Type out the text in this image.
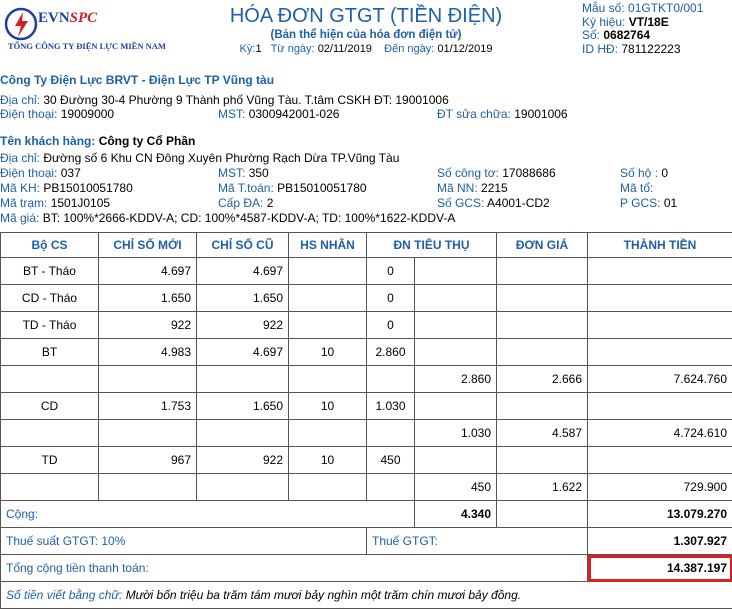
EVNSPC
TỔNG CÔNG TY ĐIỆN LỰC MIỀN NAM
HÓA ĐƠN GTGT (TIỀN ĐIỆN)
(Bản thể hiện của hóa đơn điện tử)
Kỳ:1 Từ ngày: 02/11/2019 Đến ngày: 01/12/2019
Mẫu số: 01GTKT0/001
Ký hiệu: VT/18E
Số: 0682764
ID HĐ: 781122223
Công Ty Điện Lực BRVT - Điện Lực TP Vũng tàu
Địa chỉ: 30 Đường 30-4 Phường 9 Thành phố Vũng Tàu. T.tâm CSKH ĐT: 19001006
Điện thoại: 19009000	MST: 0300942001-026	ĐT sửa chữa: 19001006
Tên khách hàng: Công ty Cổ Phần
Địa chỉ: Đường số 6 Khu CN Đông Xuyên Phường Rạch Dừa TP.Vũng Tàu
Điện thoại: 037	MST: 350	Số công tơ: 17088686	Số hộ : 0
Mã KH: PB15010051780	Mã T.toán: PB15010051780	Mã NN: 2215	Mã tổ:
Mã trạm: 1501J0105	Cấp ĐA: 2	Số GCS: A4001-CD2	P GCS: 01
Mã giá: BT: 100%*2666-KDDV-A; CD: 100%*4587-KDDV-A; TD: 100%*1622-KDDV-A
Bộ CS	CHỈ SỐ MỚI	CHỈ SỐ CŨ	HS NHÂN	ĐN TIÊU THỤ		ĐƠN GIÁ	THÀNH TIỀN
BT - Tháo	4.697	4.697		0			
CD - Tháo	1.650	1.650		0			
TD - Tháo	922	922		0			
BT	4.983	4.697	10	2.860			
					2.860	2.666	7.624.760
CD	1.753	1.650	10	1.030			
					1.030	4.587	4.724.610
TD	967	922	10	450			
					450	1.622	729.900
Cộng:					4.340		13.079.270
Thuế suất GTGT: 10%				Thuế GTGT:			1.307.927
Tổng cộng tiền thanh toán:							14.387.197
Số tiền viết bằng chữ: Mười bốn triệu ba trăm tám mươi bảy nghìn một trăm chín mươi bảy đồng.							
